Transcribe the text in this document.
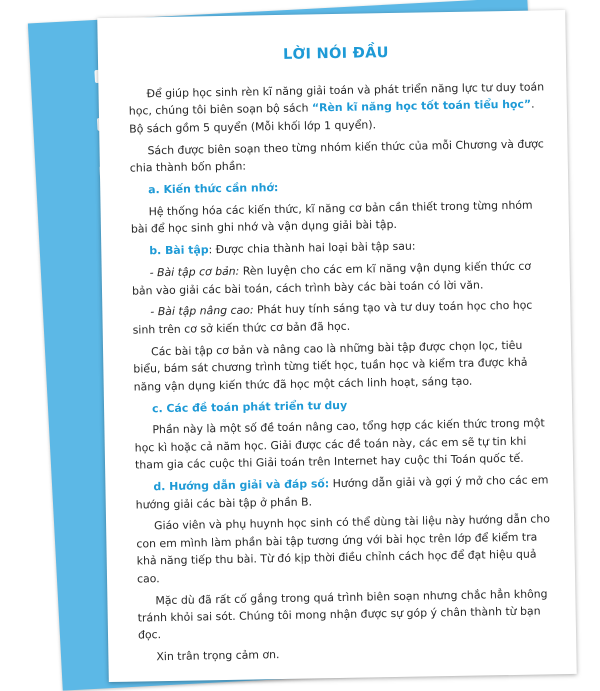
LỜI NÓI ĐẦU

Để giúp học sinh rèn kĩ năng giải toán và phát triển năng lực tư duy toán học, chúng tôi biên soạn bộ sách “Rèn kĩ năng học tốt toán tiểu học”. Bộ sách gồm 5 quyển (Mỗi khối lớp 1 quyển).

Sách được biên soạn theo từng nhóm kiến thức của mỗi Chương và được chia thành bốn phần:

a. Kiến thức cần nhớ:

Hệ thống hóa các kiến thức, kĩ năng cơ bản cần thiết trong từng nhóm bài để học sinh ghi nhớ và vận dụng giải bài tập.

b. Bài tập: Được chia thành hai loại bài tập sau:

- Bài tập cơ bản: Rèn luyện cho các em kĩ năng vận dụng kiến thức cơ bản vào giải các bài toán, cách trình bày các bài toán có lời văn.

- Bài tập nâng cao: Phát huy tính sáng tạo và tư duy toán học cho học sinh trên cơ sở kiến thức cơ bản đã học.

Các bài tập cơ bản và nâng cao là những bài tập được chọn lọc, tiêu biểu, bám sát chương trình từng tiết học, tuần học và kiểm tra được khả năng vận dụng kiến thức đã học một cách linh hoạt, sáng tạo.

c. Các đề toán phát triển tư duy

Phần này là một số đề toán nâng cao, tổng hợp các kiến thức trong một học kì hoặc cả năm học. Giải được các đề toán này, các em sẽ tự tin khi tham gia các cuộc thi Giải toán trên Internet hay cuộc thi Toán quốc tế.

d. Hướng dẫn giải và đáp số: Hướng dẫn giải và gợi ý mở cho các em hướng giải các bài tập ở phần B.

Giáo viên và phụ huynh học sinh có thể dùng tài liệu này hướng dẫn cho con em mình làm phần bài tập tương ứng với bài học trên lớp để kiểm tra khả năng tiếp thu bài. Từ đó kịp thời điều chỉnh cách học để đạt hiệu quả cao.

Mặc dù đã rất cố gắng trong quá trình biên soạn nhưng chắc hẳn không tránh khỏi sai sót. Chúng tôi mong nhận được sự góp ý chân thành từ bạn đọc.

Xin trân trọng cảm ơn.
